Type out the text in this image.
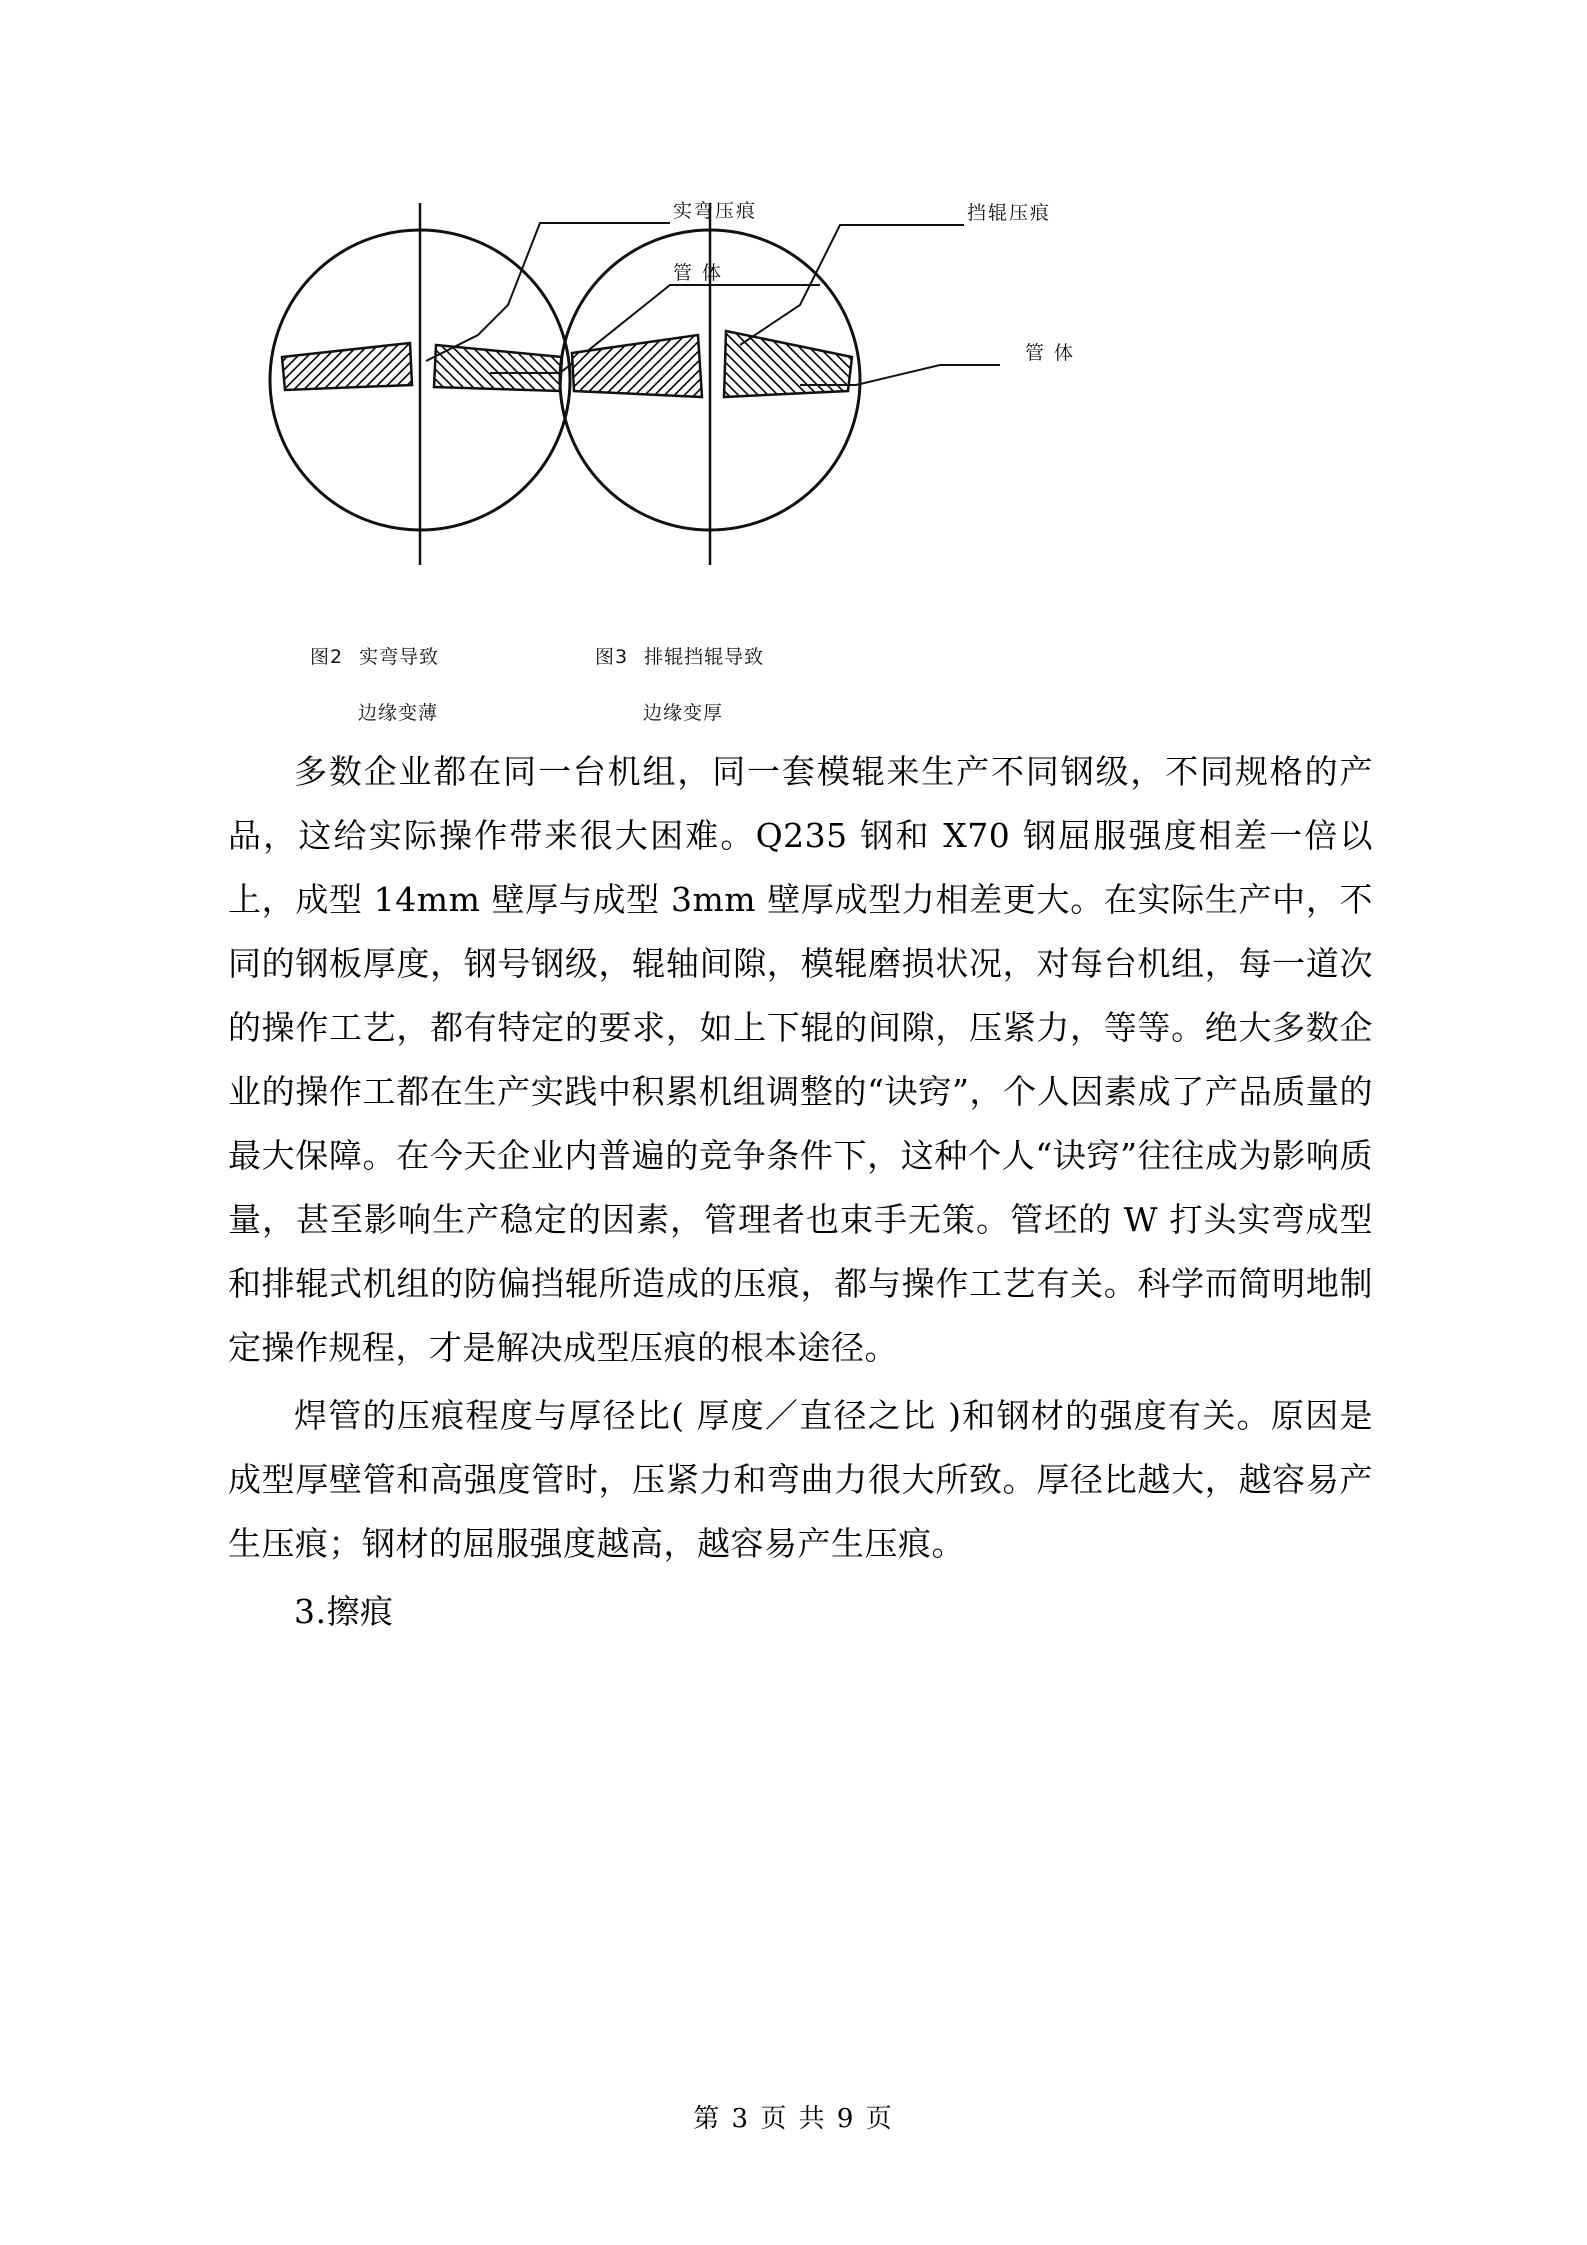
实弯压痕
管 体
挡辊压痕
管 体

图2 实弯导致

边缘变薄

图3 排辊挡辊导致

边缘变厚

多数企业都在同一台机组，同一套模辊来生产不同钢级，不同规格的产品，这给实际操作带来很大困难。Q235 钢和 X70 钢屈服强度相差一倍以上，成型 14mm 壁厚与成型 3mm 壁厚成型力相差更大。在实际生产中，不同的钢板厚度，钢号钢级，辊轴间隙，模辊磨损状况，对每台机组，每一道次的操作工艺，都有特定的要求，如上下辊的间隙，压紧力，等等。绝大多数企业的操作工都在生产实践中积累机组调整的“诀窍”，个人因素成了产品质量的最大保障。在今天企业内普遍的竞争条件下，这种个人“诀窍”往往成为影响质量，甚至影响生产稳定的因素，管理者也束手无策。管坯的 W 打头实弯成型和排辊式机组的防偏挡辊所造成的压痕，都与操作工艺有关。科学而简明地制定操作规程，才是解决成型压痕的根本途径。

焊管的压痕程度与厚径比( 厚度／直径之比 )和钢材的强度有关。原因是成型厚壁管和高强度管时，压紧力和弯曲力很大所致。厚径比越大，越容易产生压痕；钢材的屈服强度越高，越容易产生压痕。

3.擦痕

第 3 页 共 9 页
